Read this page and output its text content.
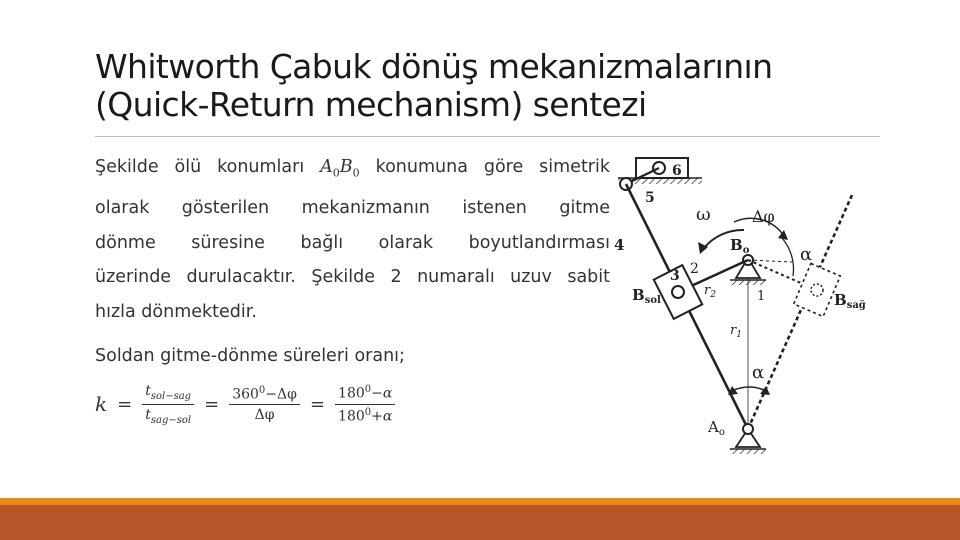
Whitworth Çabuk dönüş mekanizmalarının
(Quick-Return mechanism) sentezi
Şekilde ölü konumları $A_0B_0$ konumuna göre simetrik
olarak gösterilen mekanizmanın istenen gitme
dönme süresine bağlı olarak boyutlandırması
üzerinde durulacaktır. Şekilde 2 numaralı uzuv sabit
hızla dönmektedir.
Soldan gitme-dönme süreleri oranı;
$k = \frac{t_{sol-sag}}{t_{sag-sol}} = \frac{360^0-\Delta\varphi}{\Delta\varphi} = \frac{180^0-\alpha}{180^0+\alpha}$
6
5
4
3 2
1
ω	Δφ
$B_o$	α
α
$B_{sol}$	$B_{sağ}$
$r_2$
$r_1$
$A_o$
